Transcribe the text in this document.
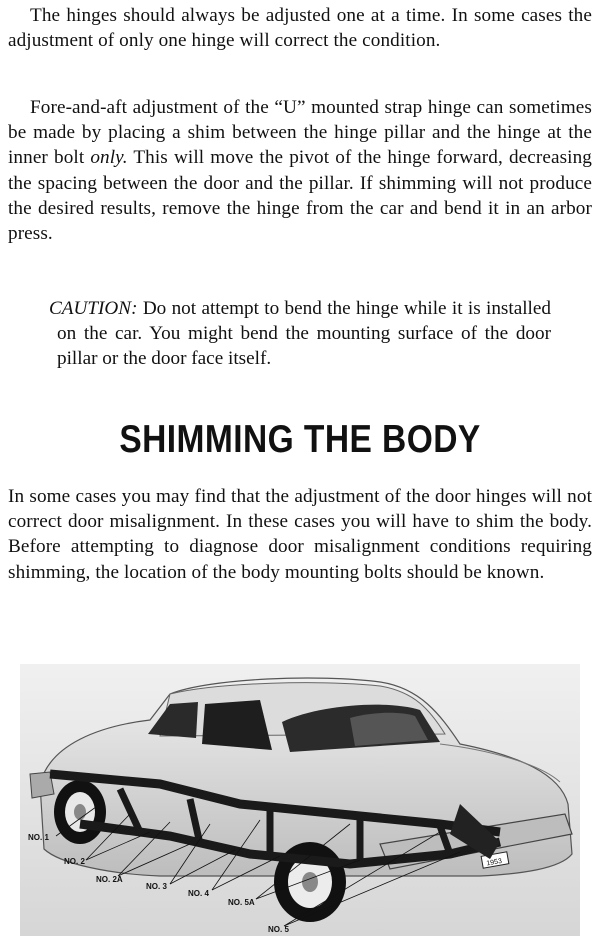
The hinges should always be adjusted one at a time. In some cases the adjustment of only one hinge will correct the condition.

Fore-and-aft adjustment of the “U” mounted strap hinge can sometimes be made by placing a shim between the hinge pillar and the hinge at the inner bolt only. This will move the pivot of the hinge forward, decreasing the spacing between the door and the pillar. If shimming will not produce the desired results, remove the hinge from the car and bend it in an arbor press.

CAUTION: Do not attempt to bend the hinge while it is installed on the car. You might bend the mounting surface of the door pillar or the door face itself.

SHIMMING THE BODY

In some cases you may find that the adjustment of the door hinges will not correct door misalignment. In these cases you will have to shim the body. Before attempting to diagnose door misalignment conditions requiring shimming, the location of the body mounting bolts should be known.

1953
NO. 1
NO. 2
NO. 2A
NO. 3
NO. 4
NO. 5A
NO. 5
